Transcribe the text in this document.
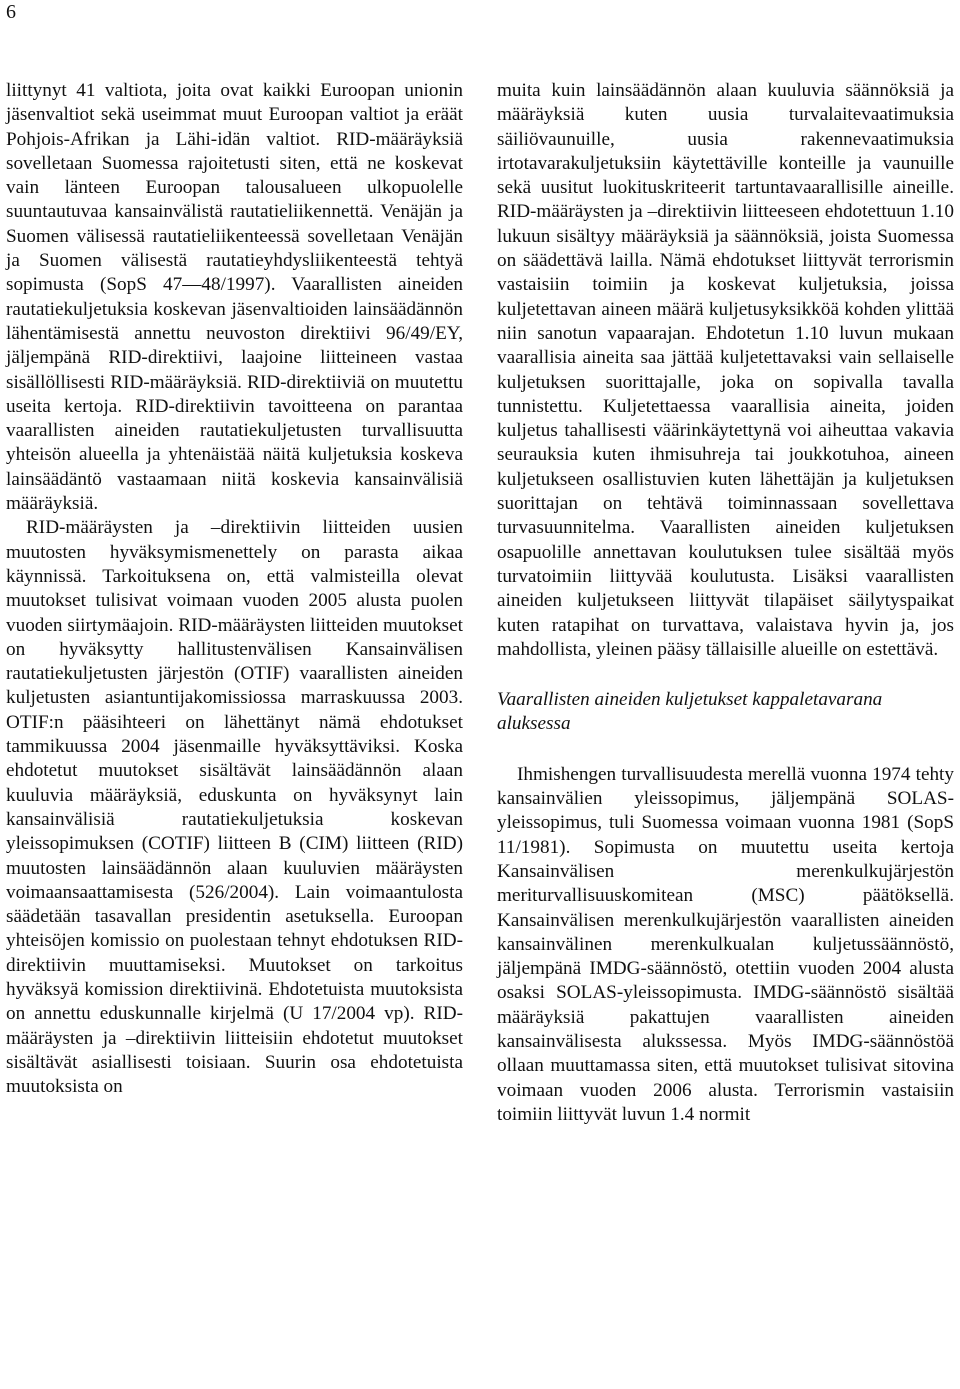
6

liittynyt 41 valtiota, joita ovat kaikki Euroopan unionin jäsenvaltiot sekä useimmat muut Euroopan valtiot ja eräät Pohjois-Afrikan ja Lähi-idän valtiot. RID-määräyksiä sovelletaan Suomessa rajoitetusti siten, että ne koskevat vain länteen Euroopan talousalueen ulkopuolelle suuntautuvaa kansainvälistä rautatieliikennettä. Venäjän ja Suomen välisessä rautatieliikenteessä sovelletaan Venäjän ja Suomen välisestä rautatieyhdysliikenteestä tehtyä sopimusta (SopS 47—48/1997). Vaarallisten aineiden rautatiekuljetuksia koskevan jäsenvaltioiden lainsäädännön lähentämisestä annettu neuvoston direktiivi 96/49/EY, jäljempänä RID-direktiivi, laajoine liitteineen vastaa sisällöllisesti RID-määräyksiä. RID-direktiiviä on muutettu useita kertoja. RID-direktiivin tavoitteena on parantaa vaarallisten aineiden rautatiekuljetusten turvallisuutta yhteisön alueella ja yhtenäistää näitä kuljetuksia koskeva lainsäädäntö vastaamaan niitä koskevia kansainvälisiä määräyksiä.

RID-määräysten ja –direktiivin liitteiden uusien muutosten hyväksymismenettely on parasta aikaa käynnissä. Tarkoituksena on, että valmisteilla olevat muutokset tulisivat voimaan vuoden 2005 alusta puolen vuoden siirtymäajoin. RID-määräysten liitteiden muutokset on hyväksytty hallitustenvälisen Kansainvälisen rautatiekuljetusten järjestön (OTIF) vaarallisten aineiden kuljetusten asiantuntijakomissiossa marraskuussa 2003. OTIF:n pääsihteeri on lähettänyt nämä ehdotukset tammikuussa 2004 jäsenmaille hyväksyttäviksi. Koska ehdotetut muutokset sisältävät lainsäädännön alaan kuuluvia määräyksiä, eduskunta on hyväksynyt lain kansainvälisiä rautatiekuljetuksia koskevan yleissopimuksen (COTIF) liitteen B (CIM) liitteen (RID) muutosten lainsäädännön alaan kuuluvien määräysten voimaansaattamisesta (526/2004). Lain voimaantulosta säädetään tasavallan presidentin asetuksella. Euroopan yhteisöjen komissio on puolestaan tehnyt ehdotuksen RID-direktiivin muuttamiseksi. Muutokset on tarkoitus hyväksyä komission direktiivinä. Ehdotetuista muutoksista on annettu eduskunnalle kirjelmä (U 17/2004 vp). RID-määräysten ja –direktiivin liitteisiin ehdotetut muutokset sisältävät asiallisesti toisiaan. Suurin osa ehdotetuista muutoksista on

muita kuin lainsäädännön alaan kuuluvia säännöksiä ja määräyksiä kuten uusia turvalaitevaatimuksia säiliövaunuille, uusia rakennevaatimuksia irtotavarakuljetuksiin käytettäville konteille ja vaunuille sekä uusitut luokituskriteerit tartuntavaarallisille aineille. RID-määräysten ja –direktiivin liitteeseen ehdotettuun 1.10 lukuun sisältyy määräyksiä ja säännöksiä, joista Suomessa on säädettävä lailla. Nämä ehdotukset liittyvät terrorismin vastaisiin toimiin ja koskevat kuljetuksia, joissa kuljetettavan aineen määrä kuljetusyksikköä kohden ylittää niin sanotun vapaarajan. Ehdotetun 1.10 luvun mukaan vaarallisia aineita saa jättää kuljetettavaksi vain sellaiselle kuljetuksen suorittajalle, joka on sopivalla tavalla tunnistettu. Kuljetettaessa vaarallisia aineita, joiden kuljetus tahallisesti väärinkäytettynä voi aiheuttaa vakavia seurauksia kuten ihmisuhreja tai joukkotuhoa, aineen kuljetukseen osallistuvien kuten lähettäjän ja kuljetuksen suorittajan on tehtävä toiminnassaan sovellettava turvasuunnitelma. Vaarallisten aineiden kuljetuksen osapuolille annettavan koulutuksen tulee sisältää myös turvatoimiin liittyvää koulutusta. Lisäksi vaarallisten aineiden kuljetukseen liittyvät tilapäiset säilytyspaikat kuten ratapihat on turvattava, valaistava hyvin ja, jos mahdollista, yleinen pääsy tällaisille alueille on estettävä.

Vaarallisten aineiden kuljetukset kappaletavarana aluksessa

Ihmishengen turvallisuudesta merellä vuonna 1974 tehty kansainvälien yleissopimus, jäljempänä SOLAS-yleissopimus, tuli Suomessa voimaan vuonna 1981 (SopS 11/1981). Sopimusta on muutettu useita kertoja Kansainvälisen merenkulkujärjestön meriturvallisuuskomitean (MSC) päätöksellä. Kansainvälisen merenkulkujärjestön vaarallisten aineiden kansainvälinen merenkulkualan kuljetussäännöstö, jäljempänä IMDG-säännöstö, otettiin vuoden 2004 alusta osaksi SOLAS-yleissopimusta. IMDG-säännöstö sisältää määräyksiä pakattujen vaarallisten aineiden kansainvälisesta alukssessa. Myös IMDG-säännöstöä ollaan muuttamassa siten, että muutokset tulisivat sitovina voimaan vuoden 2006 alusta. Terrorismin vastaisiin toimiin liittyvät luvun 1.4 normit
